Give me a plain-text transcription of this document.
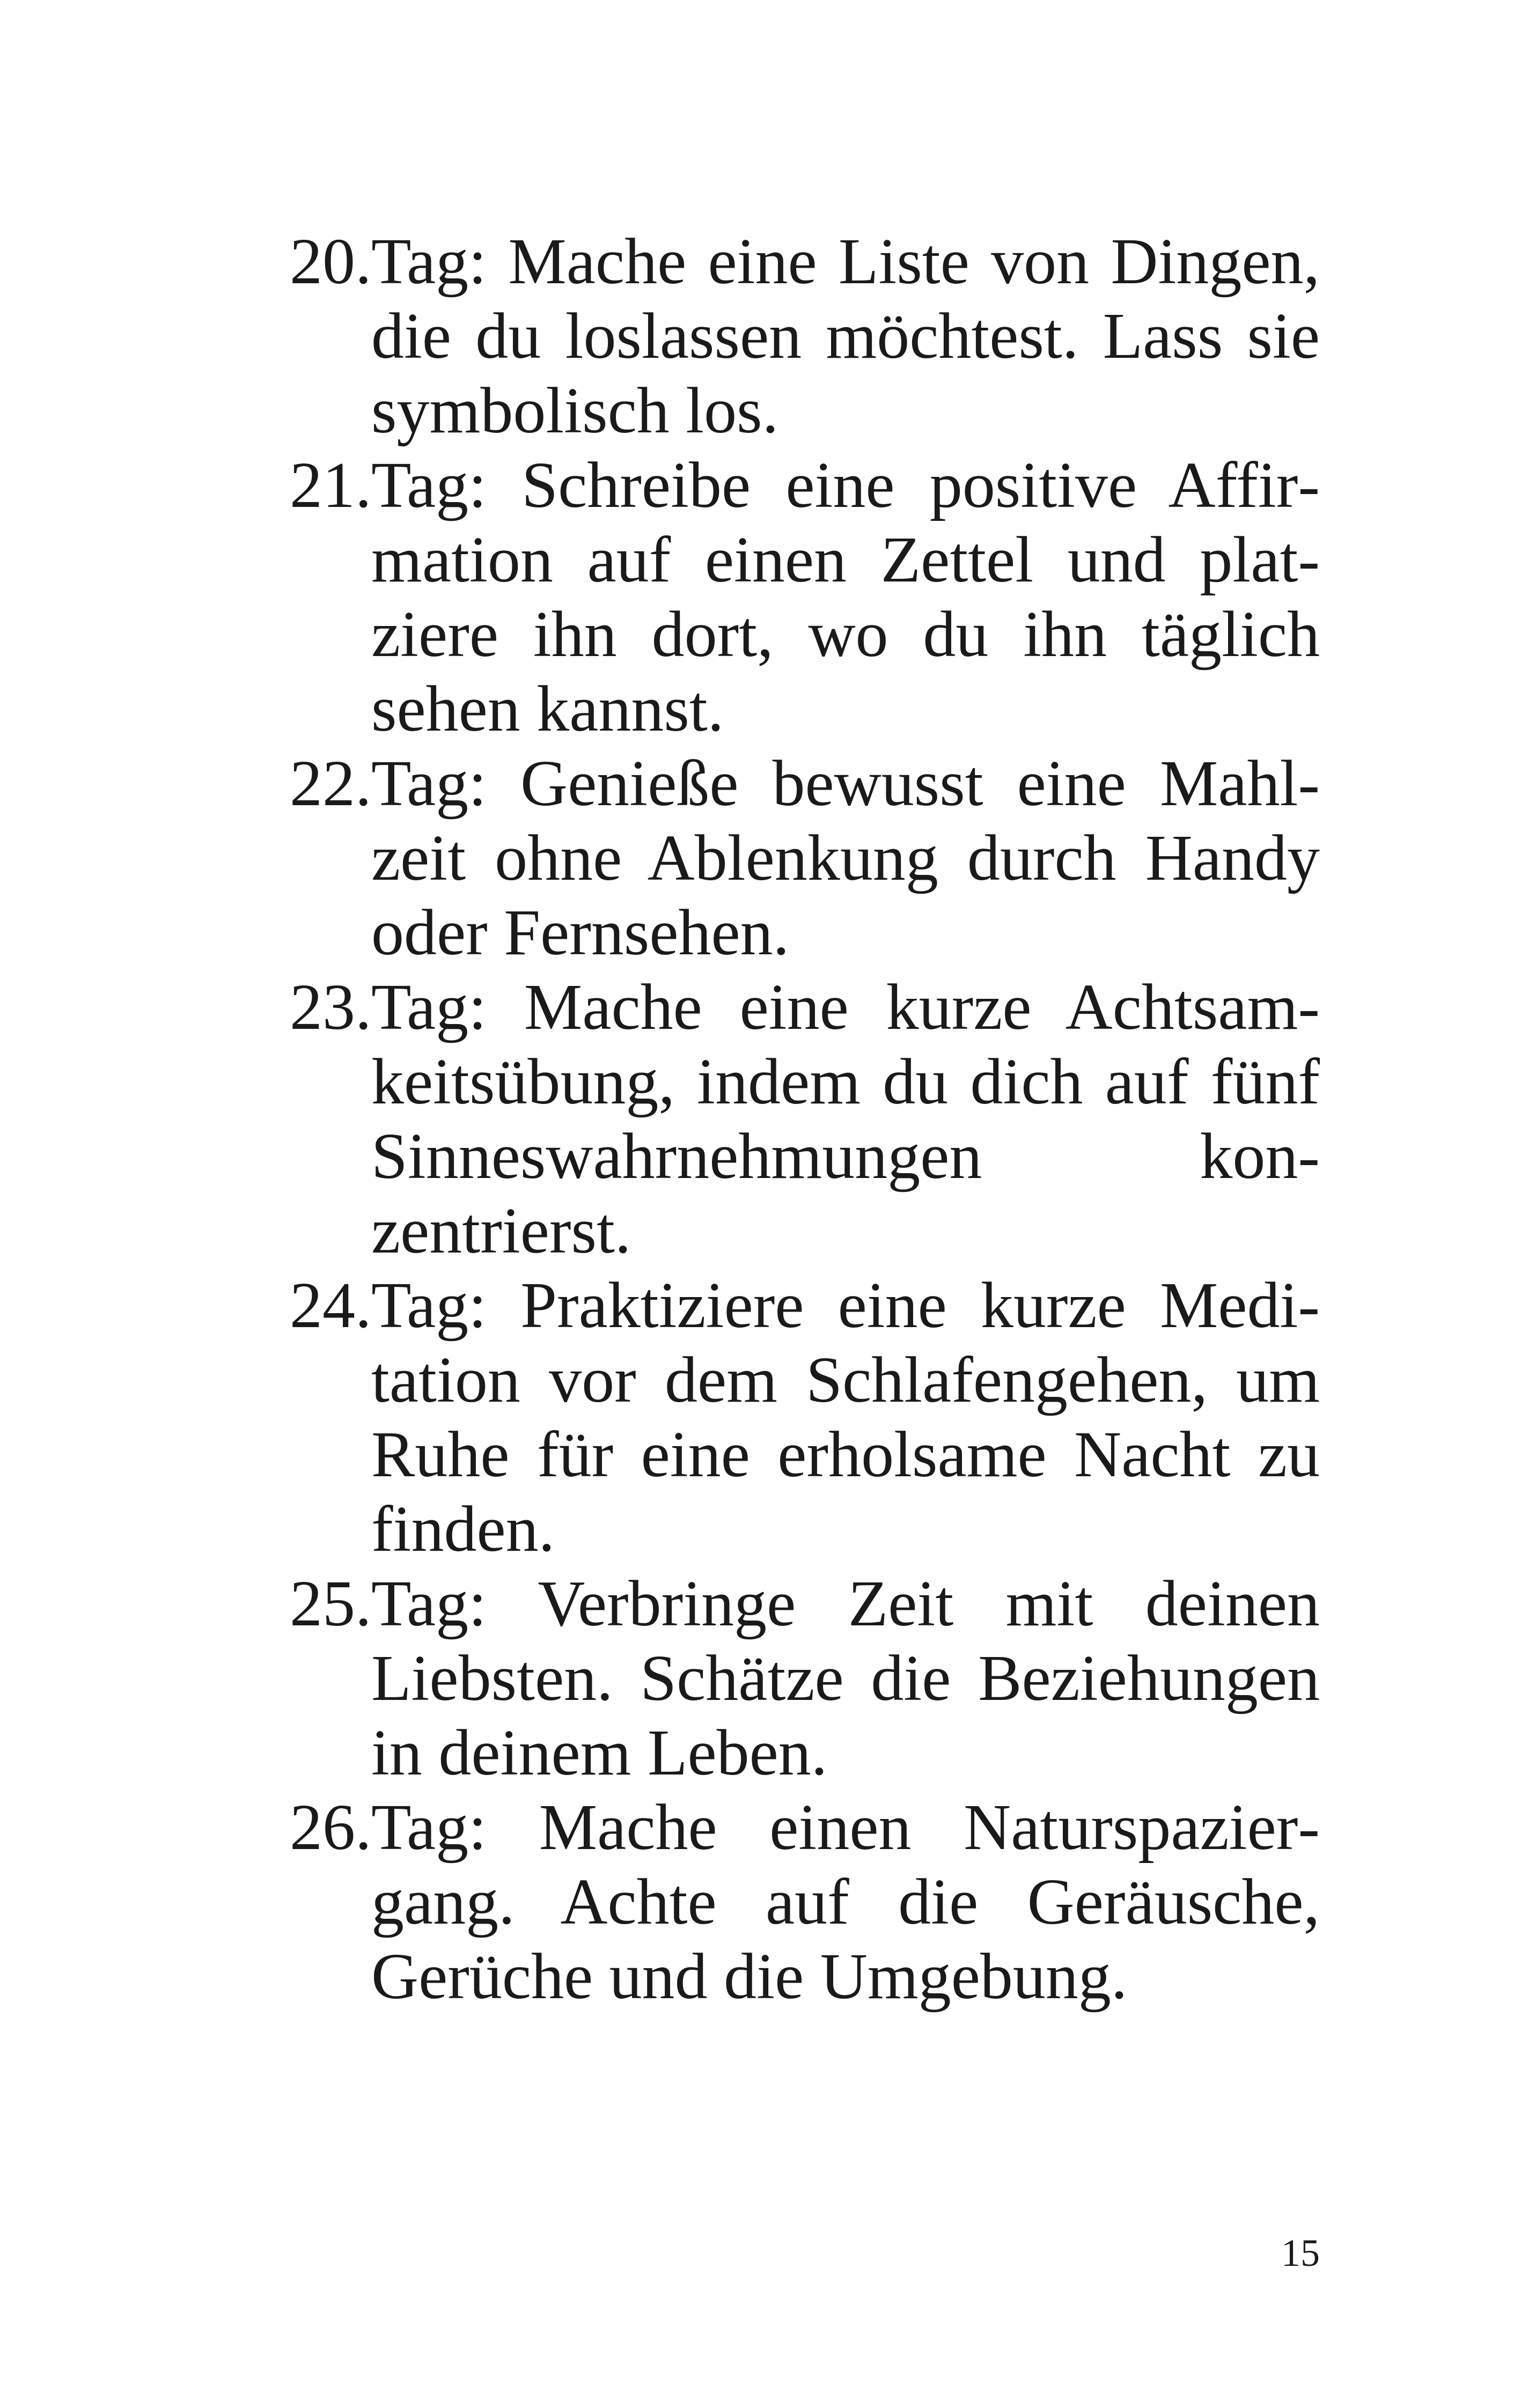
20. Tag: Mache eine Liste von Dingen, die du loslassen möchtest. Lass sie symbolisch los.
21. Tag: Schreibe eine positive Affirmation auf einen Zettel und platziere ihn dort, wo du ihn täglich sehen kannst.
22. Tag: Genieße bewusst eine Mahlzeit ohne Ablenkung durch Handy oder Fernsehen.
23. Tag: Mache eine kurze Achtsamkeitsübung, indem du dich auf fünf Sinneswahrnehmungen konzentrierst.
24. Tag: Praktiziere eine kurze Meditation vor dem Schlafengehen, um Ruhe für eine erholsame Nacht zu finden.
25. Tag: Verbringe Zeit mit deinen Liebsten. Schätze die Beziehungen in deinem Leben.
26. Tag: Mache einen Naturspaziergang. Achte auf die Geräusche, Gerüche und die Umgebung.
15
